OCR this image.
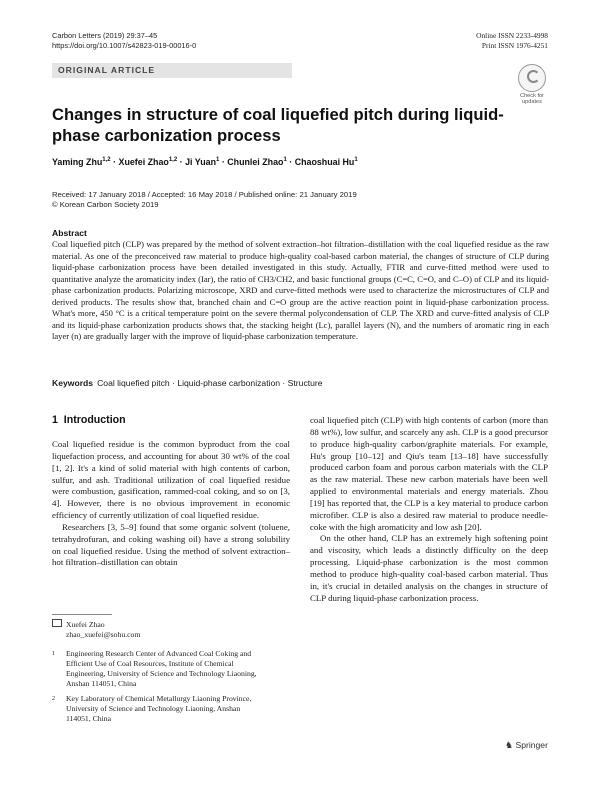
Carbon Letters (2019) 29:37–45
https://doi.org/10.1007/s42823-019-00016-0
Online ISSN 2233-4998
Print ISSN 1976-4251
ORIGINAL ARTICLE
Check for
updates
Changes in structure of coal liquefied pitch during liquid-phase carbonization process
Yaming Zhu$^{1,2}$ · Xuefei Zhao$^{1,2}$ · Ji Yuan$^1$ · Chunlei Zhao$^1$ · Chaoshuai Hu$^1$
Received: 17 January 2018 / Accepted: 16 May 2018 / Published online: 21 January 2019
© Korean Carbon Society 2019
Abstract
Coal liquefied pitch (CLP) was prepared by the method of solvent extraction–hot filtration–distillation with the coal liquefied residue as the raw material. As one of the preconceived raw material to produce high-quality coal-based carbon material, the changes of structure of CLP during liquid-phase carbonization process have been detailed investigated in this study. Actually, FTIR and curve-fitted method were used to quantitative analyze the aromaticity index (Iar), the ratio of CH3/CH2, and basic functional groups (C=C, C=O, and C–O) of CLP and its liquid-phase carbonization products. Polarizing microscope, XRD and curve-fitted methods were used to characterize the microstructures of CLP and derived products. The results show that, branched chain and C=O group are the active reaction point in liquid-phase carbonization process. What's more, 450 °C is a critical temperature point on the severe thermal polycondensation of CLP. The XRD and curve-fitted analysis of CLP and its liquid-phase carbonization products shows that, the stacking height (Lc), parallel layers (N), and the numbers of aromatic ring in each layer (n) are gradually larger with the improve of liquid-phase carbonization temperature.
Keywords Coal liquefied pitch · Liquid-phase carbonization · Structure
1 Introduction

Coal liquefied residue is the common byproduct from the coal liquefaction process, and accounting for about 30 wt% of the coal [1, 2]. It's a kind of solid material with high contents of carbon, sulfur, and ash. Traditional utilization of coal liquefied residue were combustion, gasification, rammed-coal coking, and so on [3, 4]. However, there is no obvious improvement in economic efficiency of currently utilization of coal liquefied residue.

Researchers [3, 5–9] found that some organic solvent (toluene, tetrahydrofuran, and coking washing oil) have a strong solubility on coal liquefied residue. Using the method of solvent extraction–hot filtration–distillation can obtain

coal liquefied pitch (CLP) with high contents of carbon (more than 88 wt%), low sulfur, and scarcely any ash. CLP is a good precursor to produce high-quality carbon/graphite materials. For example, Hu's group [10–12] and Qiu's team [13–18] have successfully produced carbon foam and porous carbon materials with the CLP as the raw material. These new carbon materials have been well applied to environmental materials and energy materials. Zhou [19] has reported that, the CLP is a key material to produce carbon microfiber. CLP is also a desired raw material to produce needle-coke with the high aromaticity and low ash [20].

On the other hand, CLP has an extremely high softening point and viscosity, which leads a distinctly difficulty on the deep processing. Liquid-phase carbonization is the most common method to produce high-quality coal-based carbon material. Thus in, it's crucial in detailed analysis on the changes in structure of CLP during liquid-phase carbonization process.

Xuefei Zhao
zhao_xuefei@sohu.com
1	Engineering Research Center of Advanced Coal Coking and Efficient Use of Coal Resources, Institute of Chemical Engineering, University of Science and Technology Liaoning, Anshan 114051, China
2	Key Laboratory of Chemical Metallurgy Liaoning Province, University of Science and Technology Liaoning, Anshan 114051, China
♞ Springer
